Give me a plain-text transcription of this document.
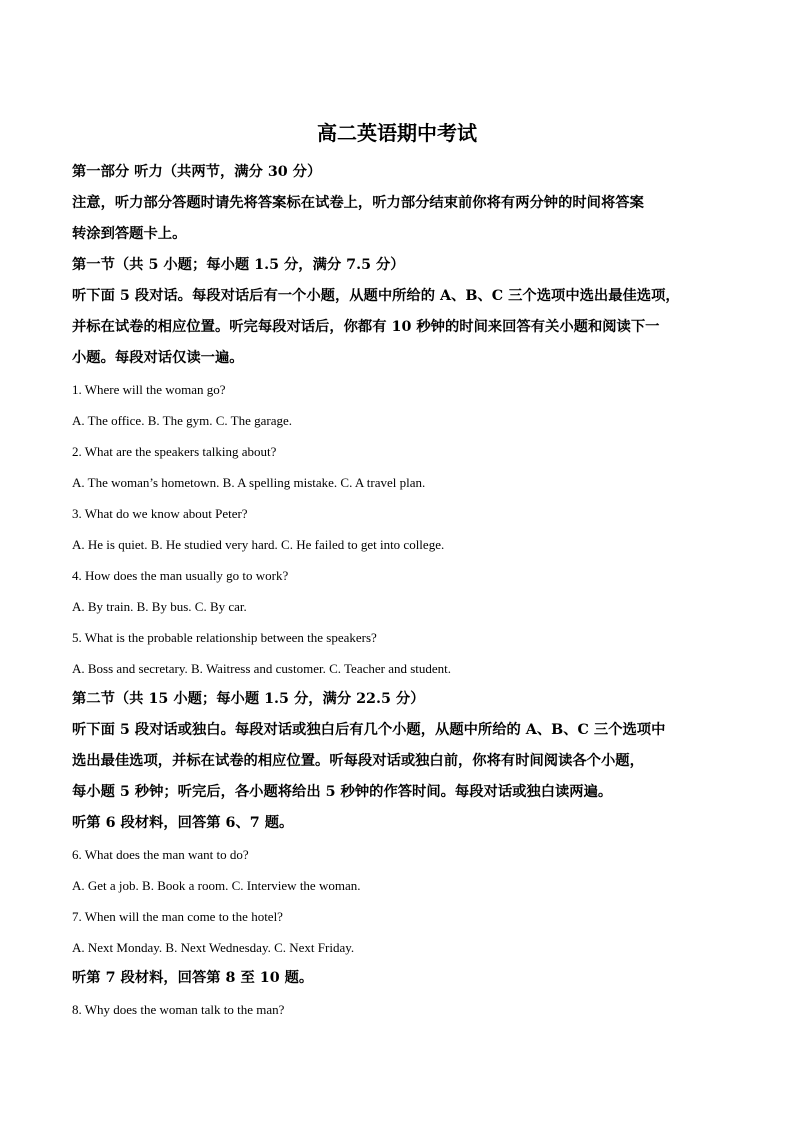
高二英语期中考试

第一部分 听力（共两节，满分 30 分）

注意，听力部分答题时请先将答案标在试卷上，听力部分结束前你将有两分钟的时间将答案

转涂到答题卡上。

第一节（共 5 小题；每小题 1.5 分，满分 7.5 分）

听下面 5 段对话。每段对话后有一个小题，从题中所给的 A、B、C 三个选项中选出最佳选项，

并标在试卷的相应位置。听完每段对话后，你都有 10 秒钟的时间来回答有关小题和阅读下一

小题。每段对话仅读一遍。

1. Where will the woman go?

A. The office. B. The gym. C. The garage.

2. What are the speakers talking about?

A. The woman’s hometown. B. A spelling mistake. C. A travel plan.

3. What do we know about Peter?

A. He is quiet. B. He studied very hard. C. He failed to get into college.

4. How does the man usually go to work?

A. By train. B. By bus. C. By car.

5. What is the probable relationship between the speakers?

A. Boss and secretary. B. Waitress and customer. C. Teacher and student.

第二节（共 15 小题；每小题 1.5 分，满分 22.5 分）

听下面 5 段对话或独白。每段对话或独白后有几个小题，从题中所给的 A、B、C 三个选项中

选出最佳选项，并标在试卷的相应位置。听每段对话或独白前，你将有时间阅读各个小题，

每小题 5 秒钟；听完后，各小题将给出 5 秒钟的作答时间。每段对话或独白读两遍。

听第 6 段材料，回答第 6、7 题。

6. What does the man want to do?

A. Get a job. B. Book a room. C. Interview the woman.

7. When will the man come to the hotel?

A. Next Monday. B. Next Wednesday. C. Next Friday.

听第 7 段材料，回答第 8 至 10 题。

8. Why does the woman talk to the man?
